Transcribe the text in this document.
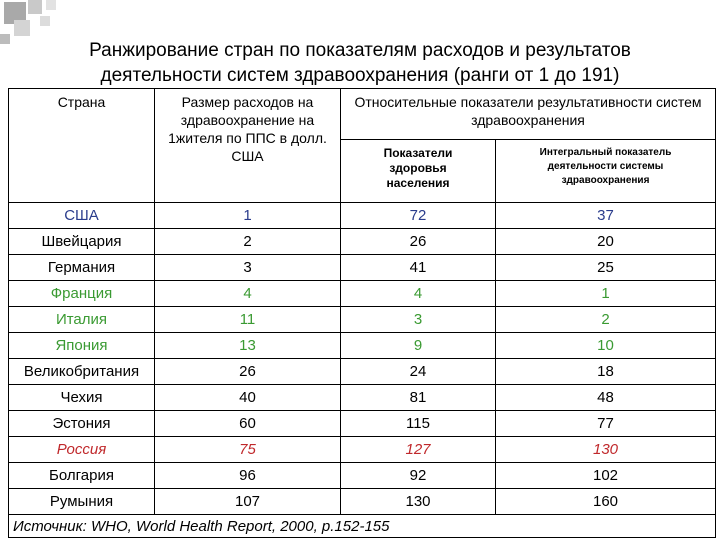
Ранжирование стран по показателям расходов и результатов деятельности систем здравоохранения (ранги от 1 до 191)
Страна	Размер расходов на здравоохранение на 1жителя по ППС в долл. США	Относительные показатели результативности систем здравоохранения	

		Показатели здоровья населения	Интегральный показатель деятельности системы здравоохранения

США	1	72	37
Швейцария	2	26	20
Германия	3	41	25
Франция	4	4	1
Италия	11	3	2
Япония	13	9	10
Великобритания	26	24	18
Чехия	40	81	48
Эстония	60	115	77
Россия	75	127	130
Болгария	96	92	102
Румыния	107	130	160
Источник: WHO, World Health Report, 2000, p.152-155			
